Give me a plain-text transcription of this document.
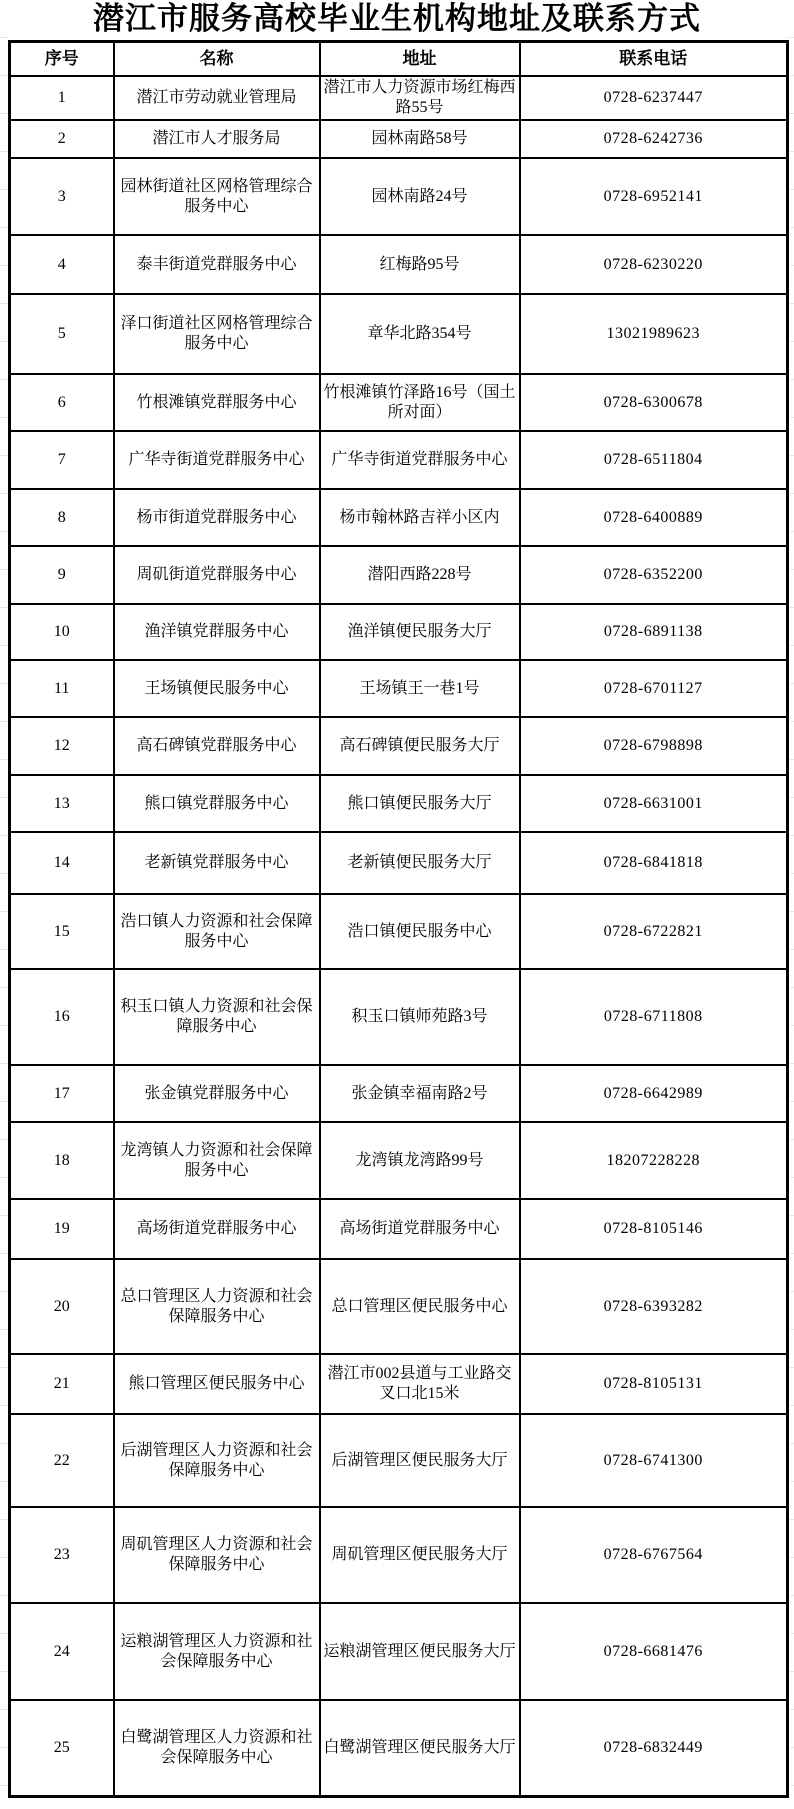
潜江市服务高校毕业生机构地址及联系方式
序号	名称	地址	联系电话
1	潜江市劳动就业管理局	潜江市人力资源市场红梅西路55号	0728-6237447
2	潜江市人才服务局	园林南路58号	0728-6242736
3	园林街道社区网格管理综合服务中心	园林南路24号	0728-6952141
4	泰丰街道党群服务中心	红梅路95号	0728-6230220
5	泽口街道社区网格管理综合服务中心	章华北路354号	13021989623
6	竹根滩镇党群服务中心	竹根滩镇竹泽路16号（国土所对面）	0728-6300678
7	广华寺街道党群服务中心	广华寺街道党群服务中心	0728-6511804
8	杨市街道党群服务中心	杨市翰林路吉祥小区内	0728-6400889
9	周矶街道党群服务中心	潜阳西路228号	0728-6352200
10	渔洋镇党群服务中心	渔洋镇便民服务大厅	0728-6891138
11	王场镇便民服务中心	王场镇王一巷1号	0728-6701127
12	高石碑镇党群服务中心	高石碑镇便民服务大厅	0728-6798898
13	熊口镇党群服务中心	熊口镇便民服务大厅	0728-6631001
14	老新镇党群服务中心	老新镇便民服务大厅	0728-6841818
15	浩口镇人力资源和社会保障服务中心	浩口镇便民服务中心	0728-6722821
16	积玉口镇人力资源和社会保障服务中心	积玉口镇师苑路3号	0728-6711808
17	张金镇党群服务中心	张金镇幸福南路2号	0728-6642989
18	龙湾镇人力资源和社会保障服务中心	龙湾镇龙湾路99号	18207228228
19	高场街道党群服务中心	高场街道党群服务中心	0728-8105146
20	总口管理区人力资源和社会保障服务中心	总口管理区便民服务中心	0728-6393282
21	熊口管理区便民服务中心	潜江市002县道与工业路交叉口北15米	0728-8105131
22	后湖管理区人力资源和社会保障服务中心	后湖管理区便民服务大厅	0728-6741300
23	周矶管理区人力资源和社会保障服务中心	周矶管理区便民服务大厅	0728-6767564
24	运粮湖管理区人力资源和社会保障服务中心	运粮湖管理区便民服务大厅	0728-6681476
25	白鹭湖管理区人力资源和社会保障服务中心	白鹭湖管理区便民服务大厅	0728-6832449
